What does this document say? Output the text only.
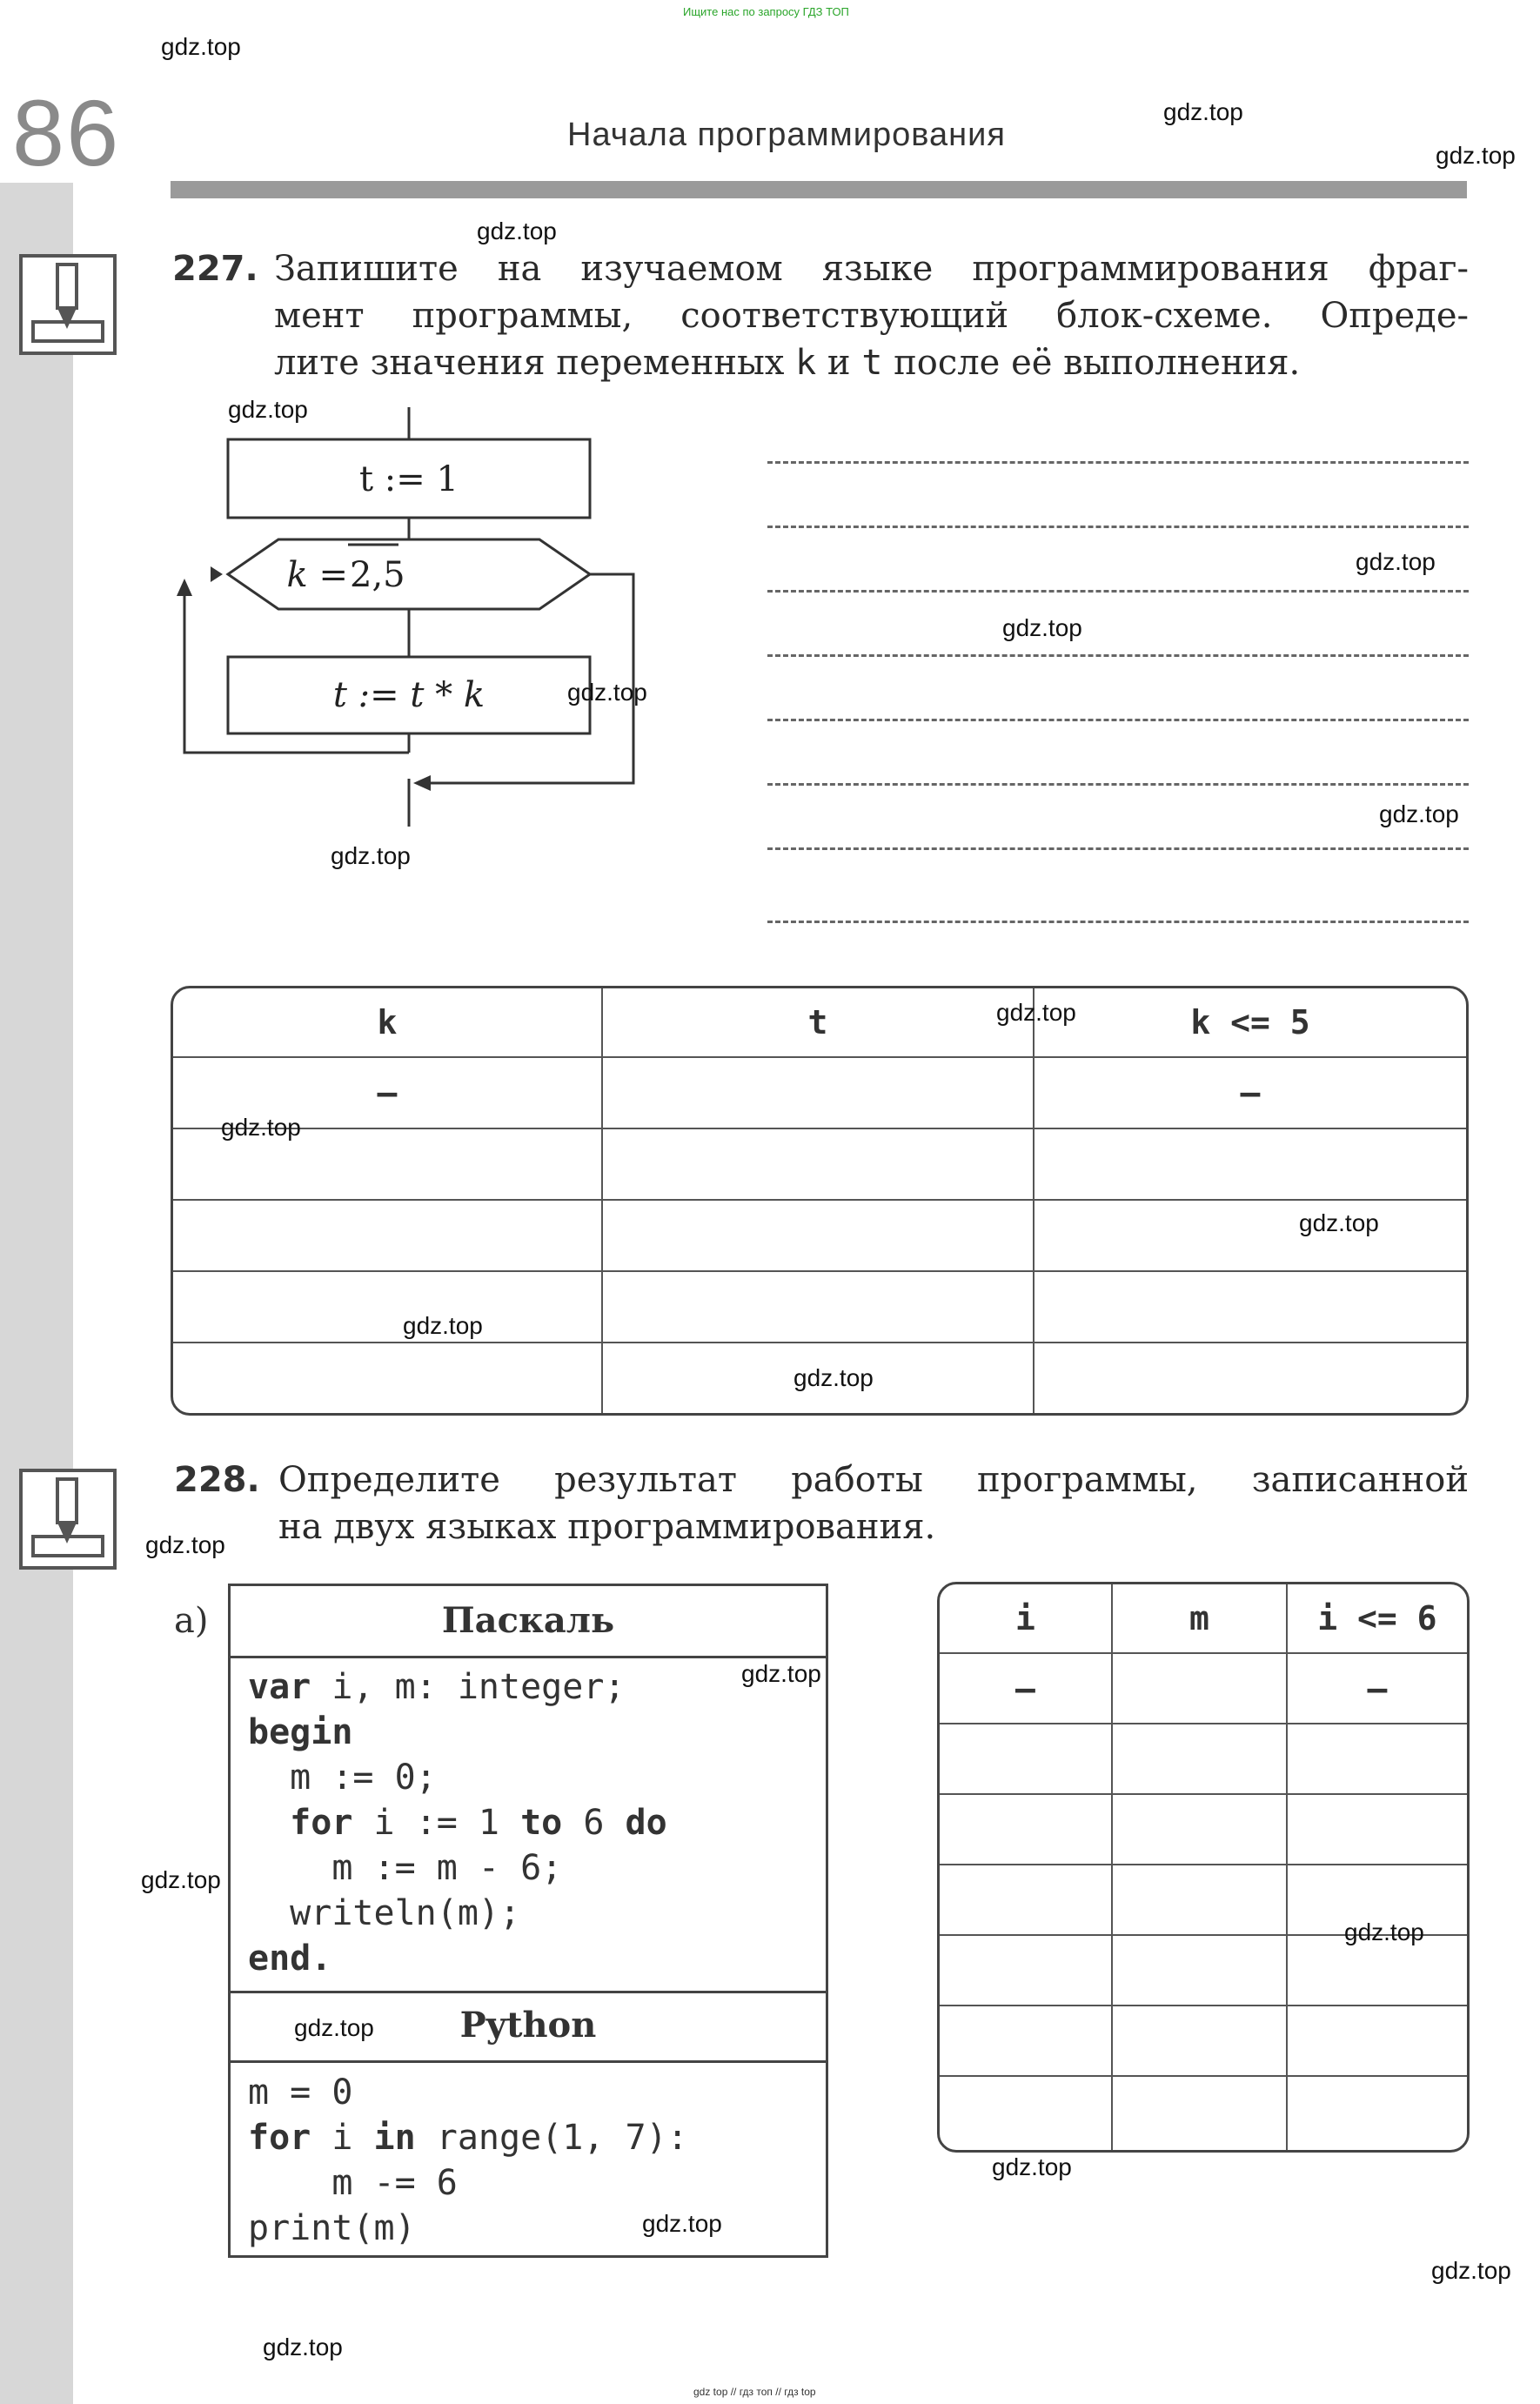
Ищите нас по запросу ГДЗ ТОП
86	Начала программирования
227. Запишите на изучаемом языке программирования фраг-
мент программы, соответствующий блок-схеме. Опреде-
лите значения переменных k и t после её выполнения.
t := 1
k = 2,5
t := t * k
k	t	k <= 5
—		—

228. Определите результат работы программы, записанной
на двух языках программирования.
а)	Паскаль
var i, m: integer;
begin
m := 0;
for i := 1 to 6 do
m := m - 6;
writeln(m);
end.
Python
m = 0
for i in range(1, 7):
m -= 6
print(m)
i	m	i <= 6
—		—

gdz.top
gdz.top
gdz.top
gdz.top
gdz.top
gdz.top
gdz.top
gdz.top
gdz.top
gdz.top
gdz.top
gdz.top
gdz.top
gdz.top
gdz.top
gdz.top
gdz.top
gdz.top
gdz.top
gdz.top
gdz.top
gdz.top
gdz.top
gdz.top
gdz top // гдз топ // гдз top
